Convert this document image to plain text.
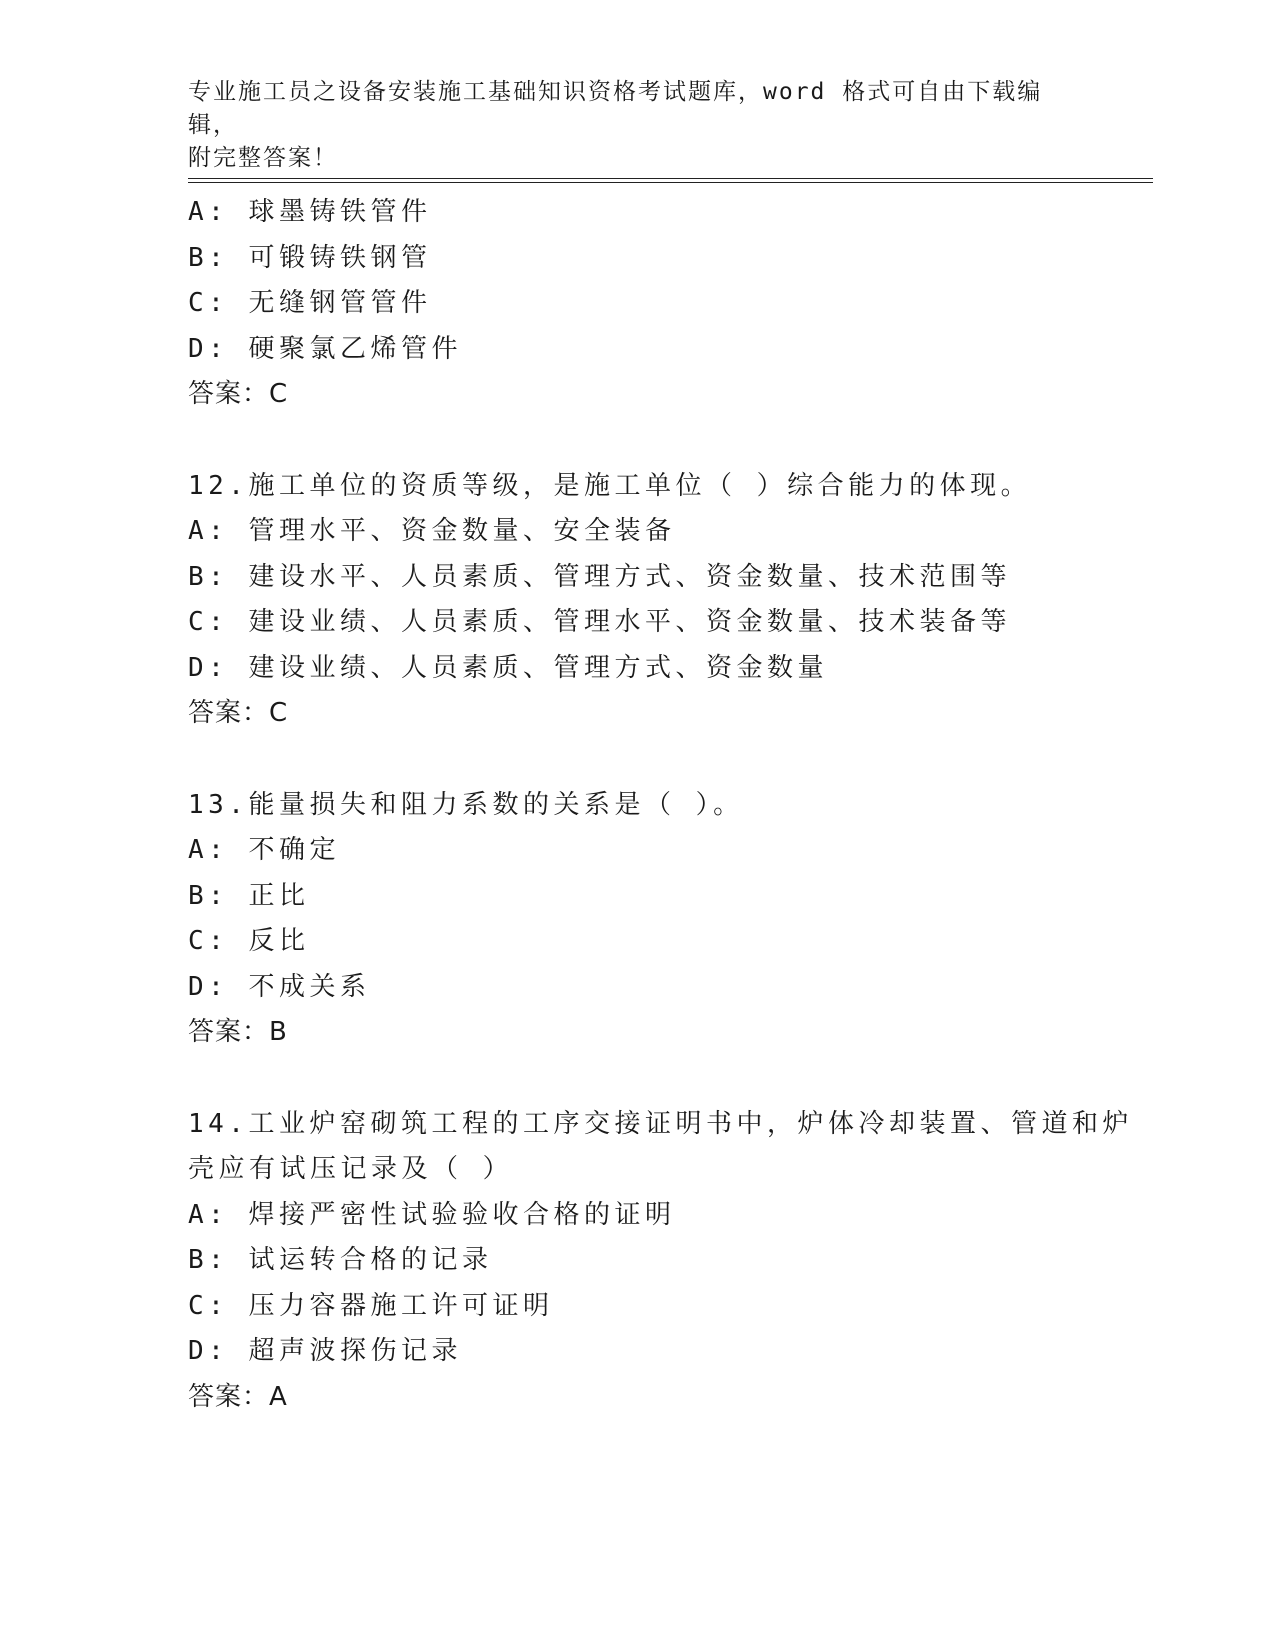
专业施工员之设备安装施工基础知识资格考试题库，word 格式可自由下载编辑，
附完整答案！
A: 球墨铸铁管件
B: 可锻铸铁钢管
C: 无缝钢管管件
D: 硬聚氯乙烯管件
答案：C
12.施工单位的资质等级，是施工单位（ ）综合能力的体现。
A: 管理水平、资金数量、安全装备
B: 建设水平、人员素质、管理方式、资金数量、技术范围等
C: 建设业绩、人员素质、管理水平、资金数量、技术装备等
D: 建设业绩、人员素质、管理方式、资金数量
答案：C
13.能量损失和阻力系数的关系是（ ）。
A: 不确定
B: 正比
C: 反比
D: 不成关系
答案：B
14.工业炉窑砌筑工程的工序交接证明书中，炉体冷却装置、管道和炉
壳应有试压记录及（ ）
A: 焊接严密性试验验收合格的证明
B: 试运转合格的记录
C: 压力容器施工许可证明
D: 超声波探伤记录
答案：A
